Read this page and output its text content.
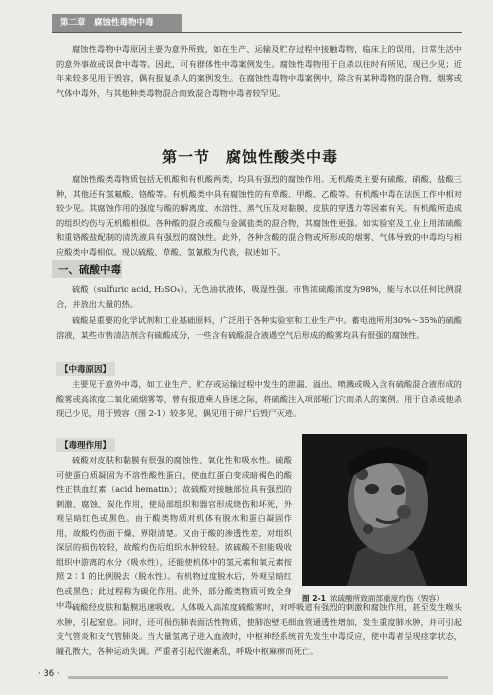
第二章　腐蚀性毒物中毒

腐蚀性毒物中毒原因主要为意外所致，如在生产、运输及贮存过程中接触毒物，临床上的误用，日常生活中的意外事故或误食中毒等。因此，可有群体性中毒案例发生。腐蚀性毒物用于自杀以往时有所见，现已少见；近年来较多见用于毁容，偶有报复杀人的案例发生。在腐蚀性毒物中毒案例中，除含有某种毒物的混合物、烟雾或气体中毒外，与其他种类毒物混合而致混合毒物中毒者较罕见。

第一节　腐蚀性酸类中毒

腐蚀性酸类毒物质包括无机酸和有机酸两类，均具有强烈的腐蚀作用。无机酸类主要有硫酸、硝酸、盐酸三种，其他还有氢氟酸、铬酸等。有机酸类中具有腐蚀性的有草酸、甲酸、乙酸等。有机酸中毒在法医工作中相对较少见。其腐蚀作用的强度与酸的解离度、水溶性、蒸气压及对黏膜、皮肤的穿透力等因素有关。有机酸所造成的组织灼伤与无机酸相似。各种酸的混合或酸与金属盐类的混合物，其腐蚀性更强。如实验室及工业上用浓硫酸和重铬酸盐配制的清洗液具有强烈的腐蚀性。此外，各种含酸的混合物或所形成的烟雾、气体导致的中毒均与相应酸类中毒相似。现以硫酸、草酸、氢氰酸为代表，叙述如下。

一、硫酸中毒

硫酸（sulfuric acid, H₂SO₄），无色油状液体，吸湿性强。市售浓硫酸浓度为98%，能与水以任何比例混合，并放出大量的热。

硫酸是重要的化学试剂和工业基础原料，广泛用于各种实验室和工业生产中。蓄电池所用30%～35%的硫酸溶液，某些市售清洁剂含有硫酸成分，一些含有硫酸混合液遇空气后形成的酸雾均具有很强的腐蚀性。

【中毒原因】

主要见于意外中毒，如工业生产、贮存或运输过程中发生的泄漏、溢出、喷溅或吸入含有硫酸混合液形成的酸雾或高浓度二氧化硫烟雾等，曾有报道乘人昏迷之际，将硫酸注入项部哑门穴而杀人的案例。用于自杀或他杀现已少见，用于毁容（图 2-1）较多见，偶见用于碎尸后毁尸灭迹。

【毒理作用】

硫酸对皮肤和黏膜有很强的腐蚀性、氧化性和吸水性。硫酸可使蛋白质凝固为不溶性酸性蛋白，使血红蛋白变成暗褐色的酸性正铁血红素（acid hematin）；故硫酸对接触部位具有强烈的刺激、腐蚀、炭化作用，使局部组织和器官形成烧伤和坏死，外观呈暗红色或黑色。由于酸类物质对机体有脱水和蛋白凝固作用，故酸灼伤面干燥、界限清楚。又由于酸的渗透性差，对组织深层的损伤较轻，故酸灼伤后组织水肿较轻。浓硫酸不但能吸收组织中游离的水分（吸水性），还能使机体中的氢元素和氧元素按照 2∶1 的比例脱去（脱水性）。有机物过度脱水后，外观呈暗红色或黑色；此过程称为碳化作用。此外，部分酸类物质可致全身中毒。

硫酸经皮肤和黏膜迅速吸收。人体吸入高浓度硫酸雾时，对呼吸道有强烈的刺激和腐蚀作用，甚至发生喉头水肿，引起窒息。同时，还可损伤肺表面活性物质，使肺泡壁毛细血管通透性增加，发生重度肺水肿，并可引起支气管炎和支气管肺炎。当大量氢离子进入血液时，中枢神经系统首先发生中毒反应，使中毒者呈现痉挛状态，瞳孔散大，各种运动失调。严重者引起代谢紊乱，呼吸中枢麻痹而死亡。

图 2-1 浓硫酸所致面部重度灼伤（毁容）
· 36 ·
